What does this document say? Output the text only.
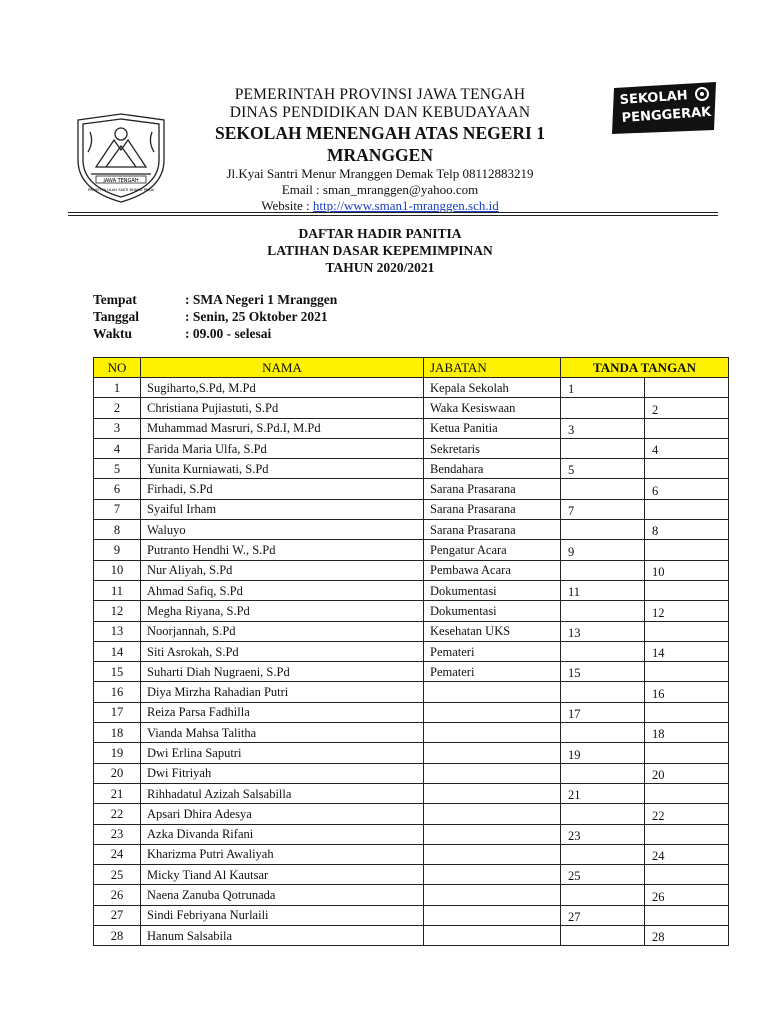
JAWA TENGAH
PRASETYA ULAH SAKTI BHAKTI PRAJA
SEKOLAH
PENGGERAK
PEMERINTAH PROVINSI JAWA TENGAH
DINAS PENDIDIKAN DAN KEBUDAYAAN
SEKOLAH MENENGAH ATAS NEGERI 1
MRANGGEN
Jl.Kyai Santri Menur Mranggen Demak Telp 08112883219
Email : sman_mranggen@yahoo.com
Website : http://www.sman1-mranggen.sch.id
DAFTAR HADIR PANITIA
LATIHAN DASAR KEPEMIMPINAN
TAHUN 2020/2021
Tempat	: SMA Negeri 1 Mranggen
Tanggal	: Senin, 25 Oktober 2021
Waktu	: 09.00 - selesai
NO	NAMA	JABATAN	TANDA TANGAN	
1	Sugiharto,S.Pd, M.Pd	Kepala Sekolah	1	
2	Christiana Pujiastuti, S.Pd	Waka Kesiswaan		2
3	Muhammad Masruri, S.Pd.I, M.Pd	Ketua Panitia	3	
4	Farida Maria Ulfa, S.Pd	Sekretaris		4
5	Yunita Kurniawati, S.Pd	Bendahara	5	
6	Firhadi, S.Pd	Sarana Prasarana		6
7	Syaiful Irham	Sarana Prasarana	7	
8	Waluyo	Sarana Prasarana		8
9	Putranto Hendhi W., S.Pd	Pengatur Acara	9	
10	Nur Aliyah, S.Pd	Pembawa Acara		10
11	Ahmad Safiq, S.Pd	Dokumentasi	11	
12	Megha Riyana, S.Pd	Dokumentasi		12
13	Noorjannah, S.Pd	Kesehatan UKS	13	
14	Siti Asrokah, S.Pd	Pemateri		14
15	Suharti Diah Nugraeni, S.Pd	Pemateri	15	
16	Diya Mirzha Rahadian Putri			16
17	Reiza Parsa Fadhilla		17	
18	Vianda Mahsa Talitha			18
19	Dwi Erlina Saputri		19	
20	Dwi Fitriyah			20
21	Rihhadatul Azizah Salsabilla		21	
22	Apsari Dhira Adesya			22
23	Azka Divanda Rifani		23	
24	Kharizma Putri Awaliyah			24
25	Micky Tiand Al Kautsar		25	
26	Naena Zanuba Qotrunada			26
27	Sindi Febriyana Nurlaili		27	
28	Hanum Salsabila			28
